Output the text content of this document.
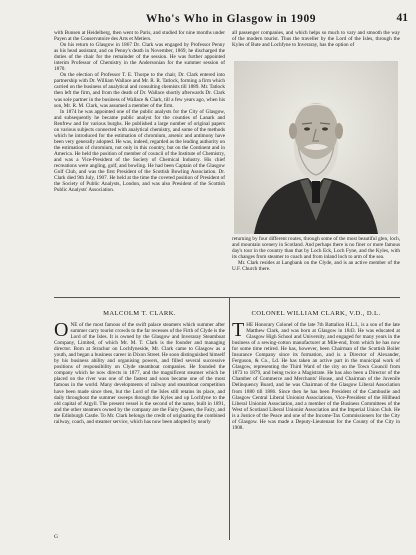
Who's Who in Glasgow in 1909	41

with Bunsen at Heidelberg, then went to Paris, and studied for nine months under Payen at the Conservatoire des Arts et Metiers.

On his return to Glasgow in 1867 Dr. Clark was engaged by Professor Penny as his head assistant, and on Penny's death in November, 1869, he discharged the duties of the chair for the remainder of the session. He was further appointed interim Professor of Chemistry in the Andersonian for the summer session of 1870.

On the election of Professor T. E. Thorpe to the chair, Dr. Clark entered into partnership with Dr. William Wallace and Mr. R. R. Tatlock, forming a firm which carried on the business of analytical and consulting chemists till 1889. Mr. Tatlock then left the firm, and from the death of Dr. Wallace shortly afterwards Dr. Clark was sole partner in the business of Wallace & Clark, till a few years ago, when his son, Mr. R. M. Clark, was assumed a member of the firm.

In 1874 he was appointed one of the public analysts for the City of Glasgow, and subsequently he became public analyst for the counties of Lanark and Renfrew and for various burghs. He published a large number of original papers on various subjects connected with analytical chemistry, and some of the methods which he introduced for the estimation of chromium, arsenic and antimony have been very generally adopted. He was, indeed, regarded as the leading authority on the estimation of chromium, not only in this country, but on the Continent and in America. He held the position of member of council of the Institute of Chemistry, and was a Vice-President of the Society of Chemical Industry. His chief recreations were angling, golf, and bowling. He had been Captain of the Glasgow Golf Club, and was the first President of the Scottish Bowling Association. Dr. Clark died 9th July, 1907. He held at the time the coveted position of President of the Society of Public Analysts, London, and was also President of the Scottish Public Analysts' Association.

all passenger companies, and which helps so much to vary and smooth the way of the modern tourist. Thus the traveller by the Lord of the Isles, through the Kyles of Bute and Lochfyne to Inveraray, has the option of

returning by four different routes, through some of the most beautiful glen, loch, and mountain scenery in Scotland. And perhaps there is no finer or more famous day's tour in the country than that by Loch Eck, Loch Fyne, and the Kyles, with its changes from steamer to coach and from inland loch to arm of the sea.

Mr. Clark resides at Langbank on the Clyde, and is an active member of the U.F. Church there.

MALCOLM T. CLARK.	COLONEL WILLIAM CLARK, V.D., D.L.

ONE of the most famous of the swift palace steamers which summer after summer carry tourist crowds to the far recesses of the Firth of Clyde is the Lord of the Isles. It is owned by the Glasgow and Inveraray Steamboat Company, Limited, of which Mr. M. T. Clark is the founder and managing director. Born at Strachur on Lochfyneside, Mr. Clark came to Glasgow as a youth, and began a business career in Dixon Street. He soon distinguished himself by his business ability and organising powers, and filled several successive positions of responsibility on Clyde steamboat companies. He founded the company which he now directs in 1877, and the magnificent steamer which he placed on the river was one of the fastest and soon became one of the most famous in the world. Many developments of railway and steamboat competition have been made since then, but the Lord of the Isles still retains its place, and daily throughout the summer sweeps through the Kyles and up Lochfyne to the old capital of Argyll. The present vessel is the second of the name, built in 1891, and the other steamers owned by the company are the Fairy Queen, the Fairy, and the Edinburgh Castle. To Mr. Clark belongs the credit of originating the combined railway, coach, and steamer service, which has now been adopted by nearly

THE Honorary Colonel of the late 7th Battalion H.L.I., is a son of the late Matthew Clark, and was born at Glasgow in 1843. He was educated at Glasgow High School and University, and engaged for many years in the business of a sewing-cotton manufacturer at Mile-end, from which he has now for some time retired. He has, however, been Chairman of the Scottish Boiler Insurance Company since its formation, and is a Director of Alexander, Ferguson, & Co., Ld. He has taken an active part in the municipal work of Glasgow, representing the Third Ward of the city on the Town Council from 1873 to 1879, and being twice a Magistrate. He has also been a Director of the Chamber of Commerce and Merchants' House, and Chairman of the Juvenile Delinquency Board, and he was Chairman of the Glasgow Liberal Association from 1880 till 1886. Since then he has been President of the Cambuslie and Glasgow Central Liberal Unionist Associations, Vice-President of the Hillhead Liberal Unionist Association, and a member of the Business Committees of the West of Scotland Liberal Unionist Association and the Imperial Union Club. He is a Justice of the Peace and one of the Income-Tax Commissioners for the City of Glasgow. He was made a Deputy-Lieutenant for the County of the City in 1908.

G
